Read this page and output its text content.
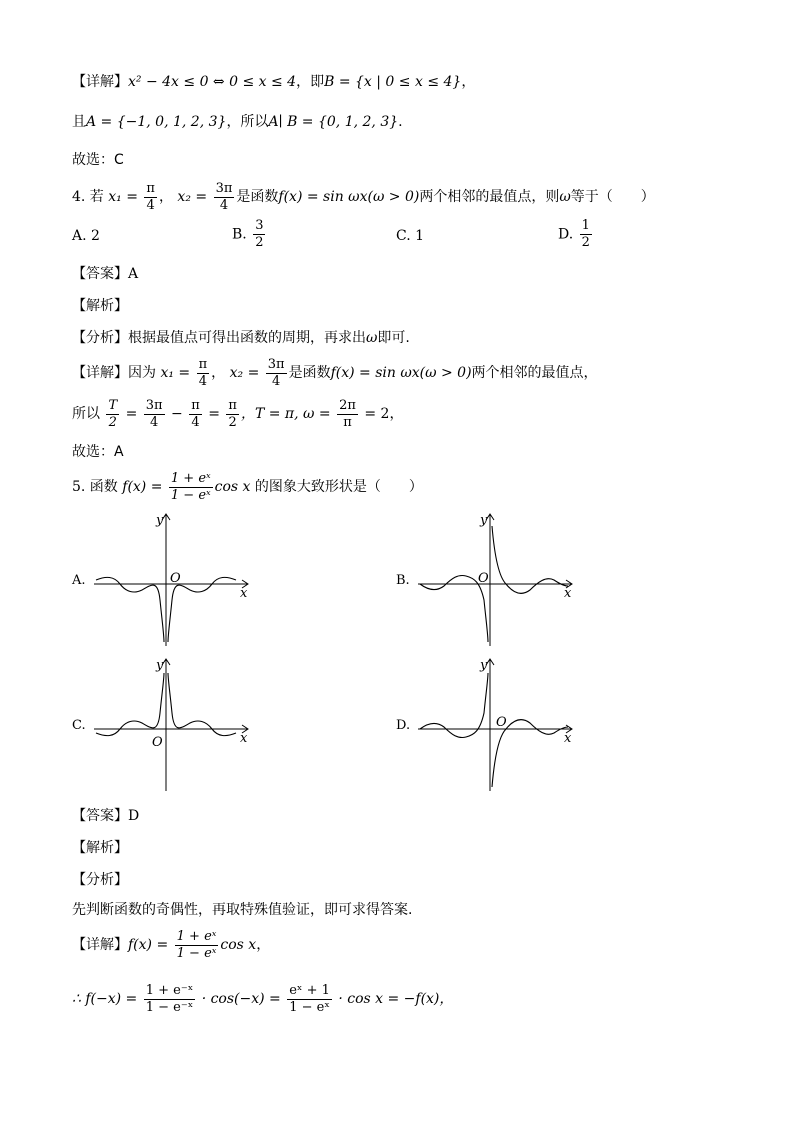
【详解】x² − 4x ≤ 0 ⇔ 0 ≤ x ≤ 4，即B = {x | 0 ≤ x ≤ 4}，
且A = {−1, 0, 1, 2, 3}，所以A∣ B = {0, 1, 2, 3}.
故选：C
4. 若 $x_1 = \frac{\pi}{4}$ ， $x_2 = \frac{3\pi}{4}$ 是函数f(x) = sin ωx(ω > 0)两个相邻的最值点，则ω等于（　　）
A. 2	B. $\frac{3}{2}$	C. 1	D. $\frac{1}{2}$
【答案】A
【解析】
【分析】根据最值点可得出函数的周期，再求出ω即可.
【详解】因为 $x_1 = \frac{\pi}{4}$ ， $x_2 = \frac{3\pi}{4}$ 是函数f(x) = sin ωx(ω > 0)两个相邻的最值点，
所以 $\frac{T}{2} = \frac{3\pi}{4} - \frac{\pi}{4} = \frac{\pi}{2}$ ，T = π, $\omega = \frac{2\pi}{\pi} = 2$，
故选：A
5. 函数 $f(x) = \frac{\text{1 + eˣ}}{\text{1 − eˣ}}$ cos x 的图象大致形状是（　　）
A.	B.
C.	D.
y
x
O
y
x
O
y
x
O
y
x
O
【答案】D
【解析】
【分析】
先判断函数的奇偶性，再取特殊值验证，即可求得答案.
【详解】$f(x) = \frac{\text{1 + eˣ}}{\text{1 − eˣ}}$ cos x，
∴ $f(-x) = \frac{\text{1 + e⁻ˣ}}{\text{1 − e⁻ˣ}} \cdot \cos(-x) = \frac{\text{eˣ + 1}}{\text{1 − eˣ}} \cdot \cos x = -f(x)$，
